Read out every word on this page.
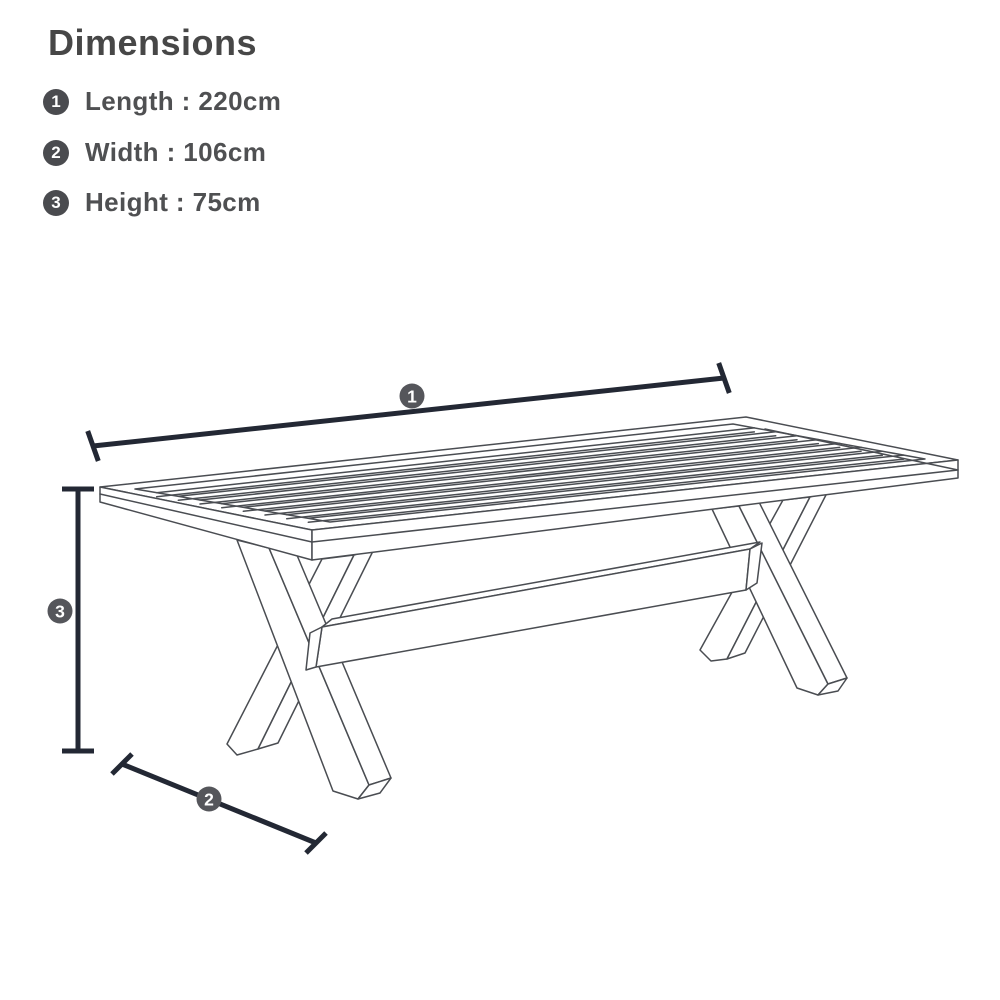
Dimensions
1 Length : 220cm
2 Width : 106cm
3 Height : 75cm
1
2
3
